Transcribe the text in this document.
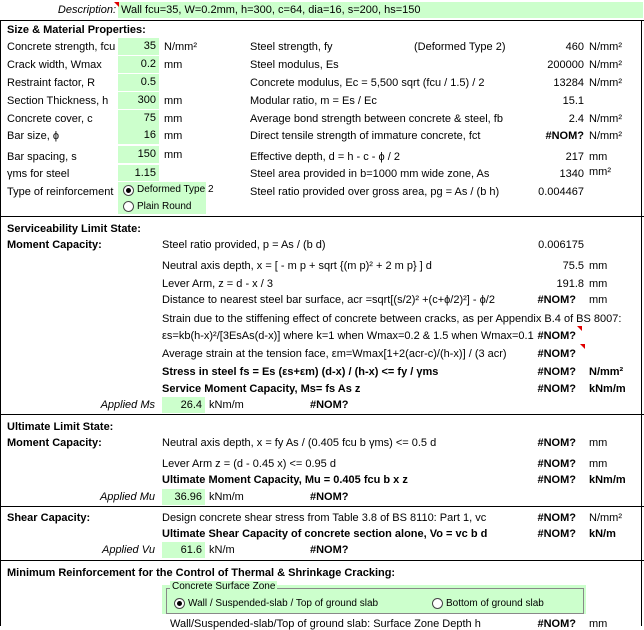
Description: Wall fcu=35, W=0.2mm, h=300, c=64, dia=16, s=200, hs=150
Size & Material Properties:
Concrete strength, fcu	35 N/mm²
Crack width, Wmax	0.2 mm
Restraint factor, R	0.5
Section Thickness, h	300 mm
Concrete cover, c	75 mm
Bar size, ϕ	16 mm
Bar spacing, s	150 mm
γms for steel	1.15
Type of reinforcement Deformed Type 2
Plain Round
Steel strength, fy	(Deformed Type 2)	460 N/mm²
Steel modulus, Es	200000 N/mm²
Concrete modulus, Ec = 5,500 sqrt (fcu / 1.5) / 2	13284 N/mm²
Modular ratio, m = Es / Ec	15.1
Average bond strength between concrete & steel, fb	2.4 N/mm²
Direct tensile strength of immature concrete, fct	#NOM? N/mm²
Effective depth, d = h - c - ϕ / 2	217 mm
Steel area provided in b=1000 mm wide zone, As	1340 mm²
Steel ratio provided over gross area, pg = As / (b h)	0.004467
Serviceability Limit State:
Moment Capacity:	Steel ratio provided, p = As / (b d)	0.006175
Neutral axis depth, x = [ - m p + sqrt {(m p)² + 2 m p} ] d	75.5 mm
Lever Arm, z = d - x / 3	191.8 mm
Distance to nearest steel bar surface, acr =sqrt[(s/2)² +(c+ϕ/2)²] - ϕ/2	#NOM? mm
Strain due to the stiffening effect of concrete between cracks, as per Appendix B.4 of BS 8007:
εs=kb(h-x)²/[3EsAs(d-x)] where k=1 when Wmax=0.2 & 1.5 when Wmax=0.1 #NOM?
Average strain at the tension face, εm=Wmax[1+2(acr-c)/(h-x)] / (3 acr)	#NOM?
Stress in steel fs = Es (εs+εm) (d-x) / (h-x) <= fy / γms	#NOM? N/mm²
Service Moment Capacity, Ms= fs As z	#NOM? kNm/m
Applied Ms	26.4 kNm/m	#NOM?
Ultimate Limit State:
Moment Capacity:	Neutral axis depth, x = fy As / (0.405 fcu b γms) <= 0.5 d	#NOM? mm
Lever Arm z = (d - 0.45 x) <= 0.95 d	#NOM? mm
Ultimate Moment Capacity, Mu = 0.405 fcu b x z	#NOM? kNm/m
Applied Mu	36.96 kNm/m	#NOM?
Shear Capacity:	Design concrete shear stress from Table 3.8 of BS 8110: Part 1, vc	#NOM? N/mm²
Ultimate Shear Capacity of concrete section alone, Vo = vc b d	#NOM? kN/m
Applied Vu	61.6 kN/m	#NOM?
Minimum Reinforcement for the Control of Thermal & Shrinkage Cracking:
Concrete Surface Zone
Wall / Suspended-slab / Top of ground slab	Bottom of ground slab
Wall/Suspended-slab/Top of ground slab: Surface Zone Depth h	#NOM? mm
